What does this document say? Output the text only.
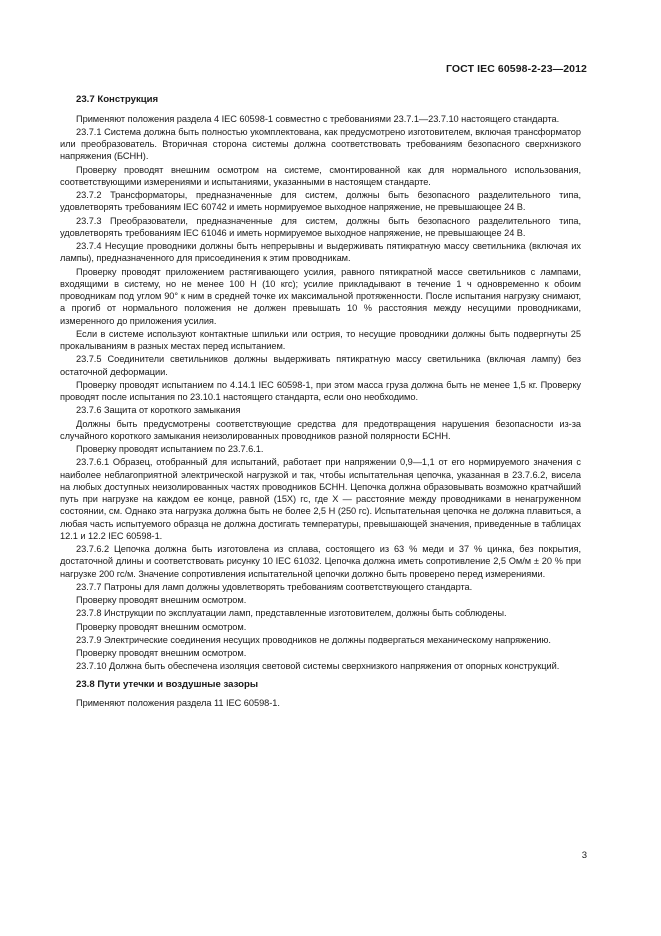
ГОСТ IEC 60598-2-23—2012
23.7 Конструкция

Применяют положения раздела 4 IEC 60598-1 совместно с требованиями 23.7.1—23.7.10 настоящего стандарта.

23.7.1 Система должна быть полностью укомплектована, как предусмотрено изготовителем, включая трансформатор или преобразователь. Вторичная сторона системы должна соответствовать требованиям безопасного сверхнизкого напряжения (БСНН).

Проверку проводят внешним осмотром на системе, смонтированной как для нормального использования, соответствующими измерениями и испытаниями, указанными в настоящем стандарте.

23.7.2 Трансформаторы, предназначенные для систем, должны быть безопасного разделительного типа, удовлетворять требованиям IEC 60742 и иметь нормируемое выходное напряжение, не превышающее 24 В.

23.7.3 Преобразователи, предназначенные для систем, должны быть безопасного разделительного типа, удовлетворять требованиям IEC 61046 и иметь нормируемое выходное напряжение, не превышающее 24 В.

23.7.4 Несущие проводники должны быть непрерывны и выдерживать пятикратную массу светильника (включая их лампы), предназначенного для присоединения к этим проводникам.

Проверку проводят приложением растягивающего усилия, равного пятикратной массе светильников с лампами, входящими в систему, но не менее 100 Н (10 кгс); усилие прикладывают в течение 1 ч одновременно к обоим проводникам под углом 90° к ним в средней точке их максимальной протяженности. После испытания нагрузку снимают, а прогиб от нормального положения не должен превышать 10 % расстояния между несущими проводниками, измеренного до приложения усилия.

Если в системе используют контактные шпильки или острия, то несущие проводники должны быть подвергнуты 25 прокалываниям в разных местах перед испытанием.

23.7.5 Соединители светильников должны выдерживать пятикратную массу светильника (включая лампу) без остаточной деформации.

Проверку проводят испытанием по 4.14.1 IEC 60598-1, при этом масса груза должна быть не менее 1,5 кг. Проверку проводят после испытания по 23.10.1 настоящего стандарта, если оно необходимо.

23.7.6 Защита от короткого замыкания

Должны быть предусмотрены соответствующие средства для предотвращения нарушения безопасности из-за случайного короткого замыкания неизолированных проводников разной полярности БСНН.

Проверку проводят испытанием по 23.7.6.1.

23.7.6.1 Образец, отобранный для испытаний, работает при напряжении 0,9—1,1 от его нормируемого значения с наиболее неблагоприятной электрической нагрузкой и так, чтобы испытательная цепочка, указанная в 23.7.6.2, висела на любых доступных неизолированных частях проводников БСНН. Цепочка должна образовывать возможно кратчайший путь при нагрузке на каждом ее конце, равной (15Х) гс, где Х — расстояние между проводниками в ненагруженном состоянии, см. Однако эта нагрузка должна быть не более 2,5 Н (250 гс). Испытательная цепочка не должна плавиться, а любая часть испытуемого образца не должна достигать температуры, превышающей значения, приведенные в таблицах 12.1 и 12.2 IEC 60598-1.

23.7.6.2 Цепочка должна быть изготовлена из сплава, состоящего из 63 % меди и 37 % цинка, без покрытия, достаточной длины и соответствовать рисунку 10 IEC 61032. Цепочка должна иметь сопротивление 2,5 Ом/м ± 20 % при нагрузке 200 гс/м. Значение сопротивления испытательной цепочки должно быть проверено перед измерениями.

23.7.7 Патроны для ламп должны удовлетворять требованиям соответствующего стандарта.

Проверку проводят внешним осмотром.

23.7.8 Инструкции по эксплуатации ламп, представленные изготовителем, должны быть соблюдены.

Проверку проводят внешним осмотром.

23.7.9 Электрические соединения несущих проводников не должны подвергаться механическому напряжению.

Проверку проводят внешним осмотром.

23.7.10 Должна быть обеспечена изоляция световой системы сверхнизкого напряжения от опорных конструкций.

23.8 Пути утечки и воздушные зазоры

Применяют положения раздела 11 IEC 60598-1.

3
